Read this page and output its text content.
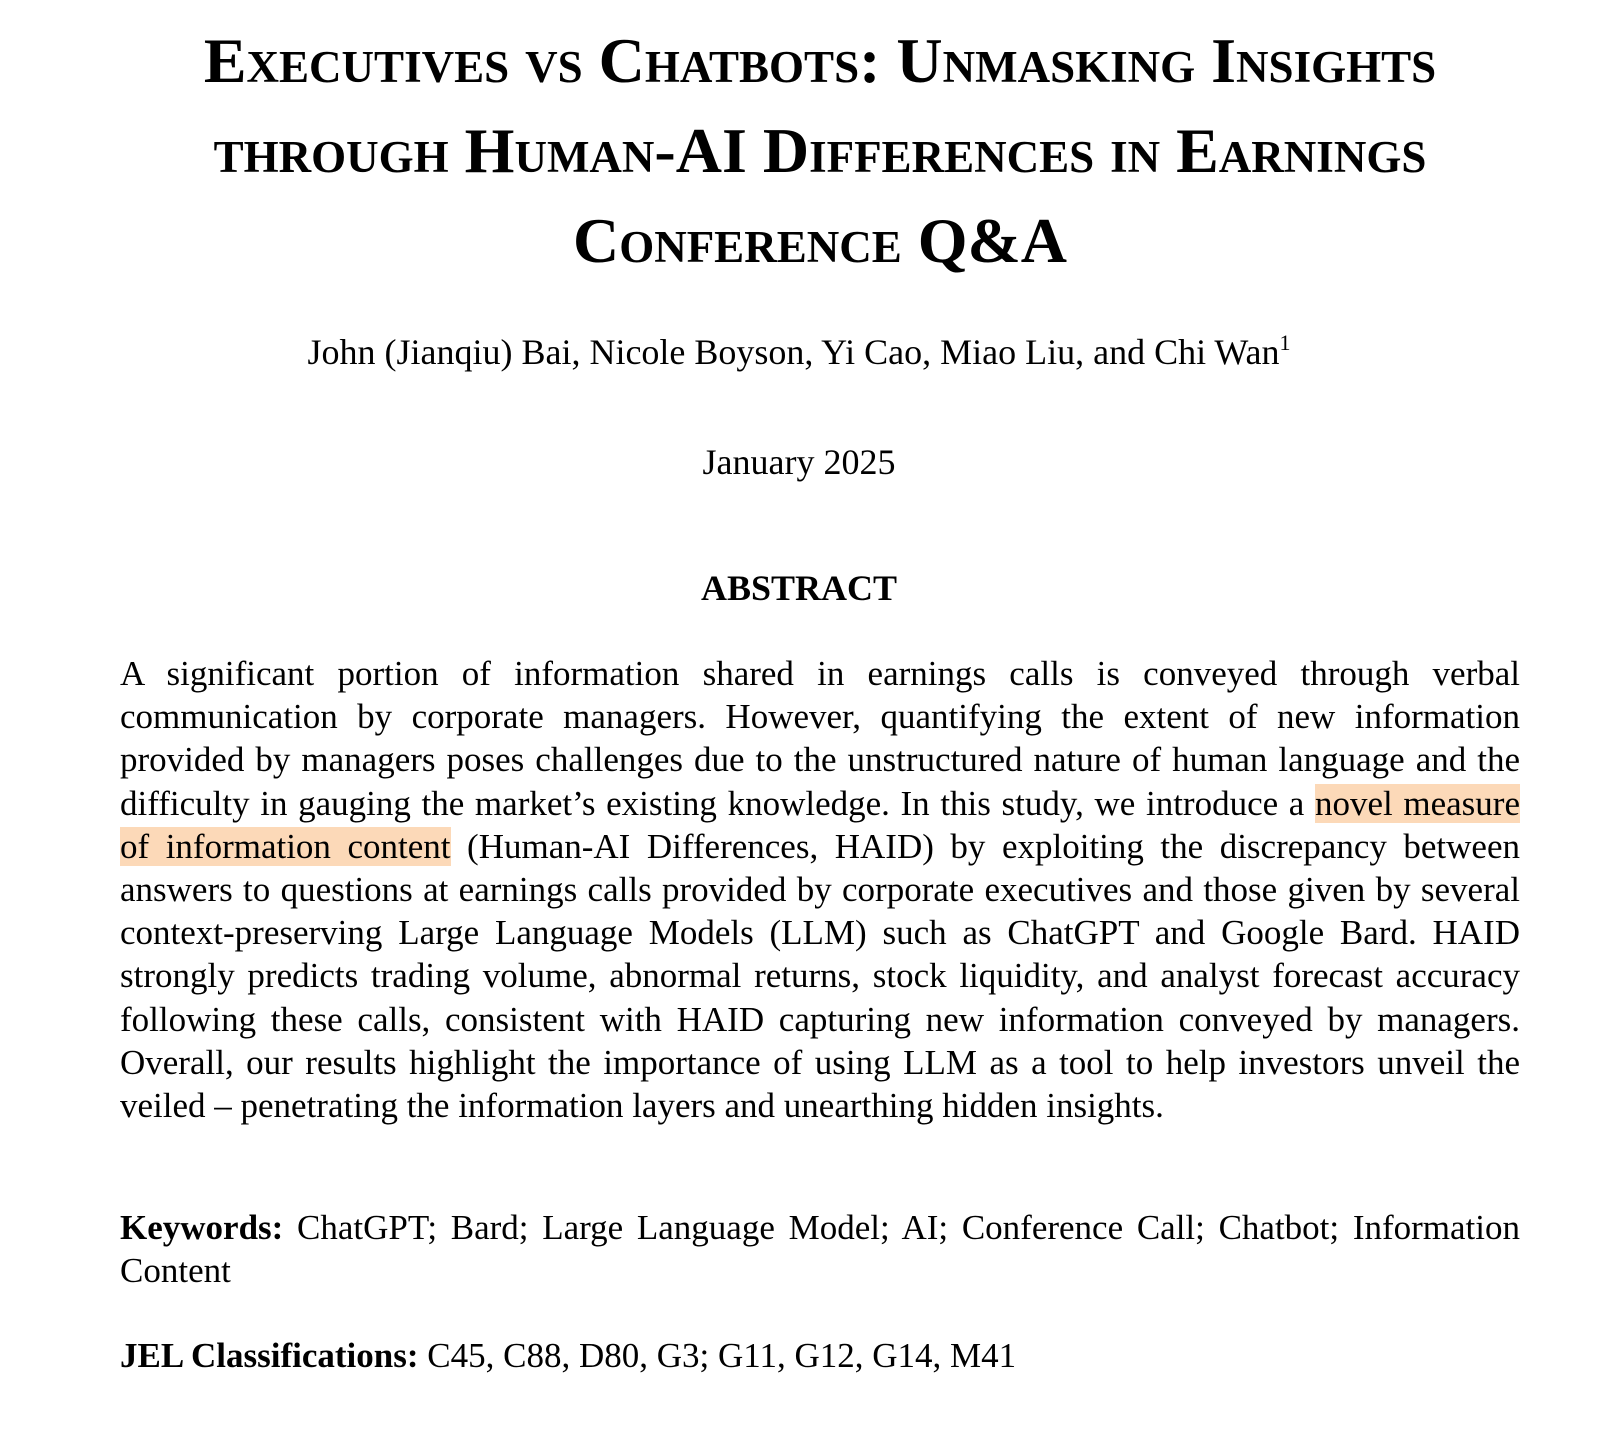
Executives vs Chatbots: Unmasking Insights
through Human-AI Differences in Earnings
Conference Q&A
John (Jianqiu) Bai, Nicole Boyson, Yi Cao, Miao Liu, and Chi Wan$^1$
January 2025
ABSTRACT
A significant portion of information shared in earnings calls is conveyed through verbal communication by corporate managers. However, quantifying the extent of new information provided by managers poses challenges due to the unstructured nature of human language and the difficulty in gauging the market’s existing knowledge. In this study, we introduce a novel measure of information content (Human-AI Differences, HAID) by exploiting the discrepancy between answers to questions at earnings calls provided by corporate executives and those given by several context-preserving Large Language Models (LLM) such as ChatGPT and Google Bard. HAID strongly predicts trading volume, abnormal returns, stock liquidity, and analyst forecast accuracy following these calls, consistent with HAID capturing new information conveyed by managers. Overall, our results highlight the importance of using LLM as a tool to help investors unveil the veiled – penetrating the information layers and unearthing hidden insights.
Keywords: ChatGPT; Bard; Large Language Model; AI; Conference Call; Chatbot; Information Content
JEL Classifications: C45, C88, D80, G3; G11, G12, G14, M41
